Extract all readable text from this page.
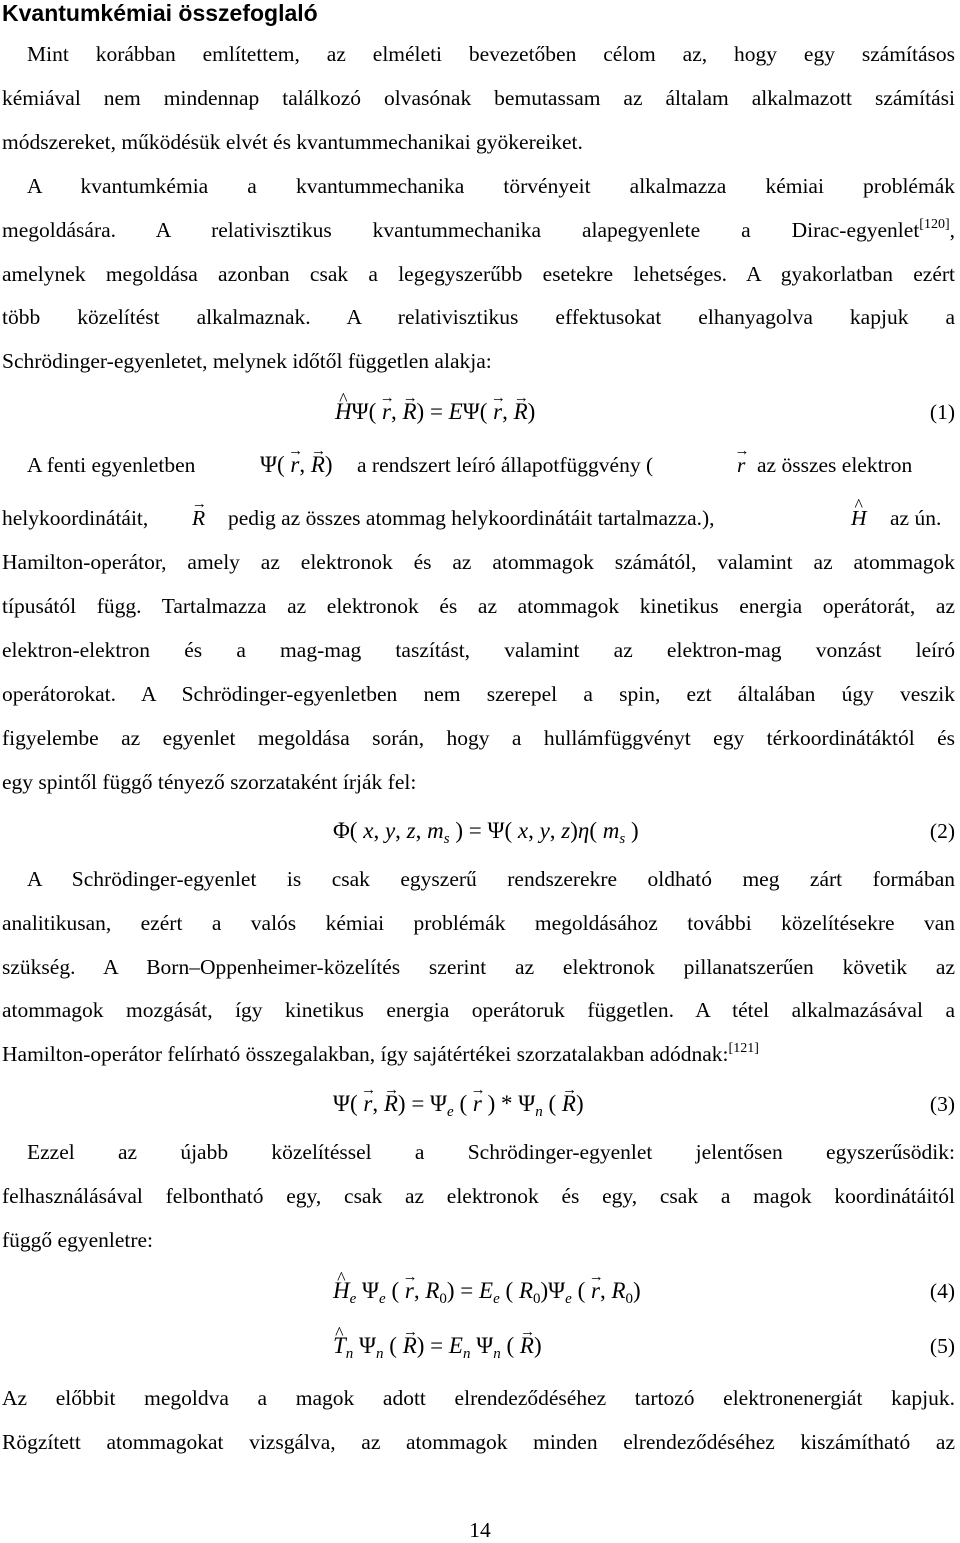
Kvantumkémiai összefoglaló
Mint korábban említettem, az elméleti bevezetőben célom az, hogy egy számításos
kémiával nem mindennap találkozó olvasónak bemutassam az általam alkalmazott számítási
módszereket, működésük elvét és kvantummechanikai gyökereiket.
A kvantumkémia a kvantummechanika törvényeit alkalmazza kémiai problémák
megoldására. A relativisztikus kvantummechanika alapegyenlete a Dirac-egyenlet[120],
amelynek megoldása azonban csak a legegyszerűbb esetekre lehetséges. A gyakorlatban ezért
több közelítést alkalmaznak. A relativisztikus effektusokat elhanyagolva kapjuk a
Schrödinger-egyenletet, melynek időtől független alakja:
^ HΨ( → r, → R) = EΨ( → r, → R)	(1)
A fenti egyenletben	Ψ( → r, → R) a rendszert leíró állapotfüggvény (	→ r az összes elektron
helykoordinátáit, → R pedig az összes atommag helykoordinátáit tartalmazza.),	^ H az ún.
Hamilton-operátor, amely az elektronok és az atommagok számától, valamint az atommagok
típusától függ. Tartalmazza az elektronok és az atommagok kinetikus energia operátorát, az
elektron-elektron és a mag-mag taszítást, valamint az elektron-mag vonzást leíró
operátorokat. A Schrödinger-egyenletben nem szerepel a spin, ezt általában úgy veszik
figyelembe az egyenlet megoldása során, hogy a hullámfüggvényt egy térkoordinátáktól és
egy spintől függő tényező szorzataként írják fel:
Φ( x, y, z, $m_s$ ) = Ψ( x, y, z)η( $m_s$ )	(2)
A Schrödinger-egyenlet is csak egyszerű rendszerekre oldható meg zárt formában
analitikusan, ezért a valós kémiai problémák megoldásához további közelítésekre van
szükség. A Born–Oppenheimer-közelítés szerint az elektronok pillanatszerűen követik az
atommagok mozgását, így kinetikus energia operátoruk független. A tétel alkalmazásával a
Hamilton-operátor felírható összegalakban, így sajátértékei szorzatalakban adódnak:[121]
Ψ( → r, → $R) = \Psi_e$ ( → r ) * $\Psi_n$ ( → R)	(3)
Ezzel az újabb közelítéssel a Schrödinger-egyenlet jelentősen egyszerűsödik:
felhasználásával felbontható egy, csak az elektronok és egy, csak a magok koordinátáitól
függő egyenletre:
^ $H_e$ $\Psi_e$ ( → r, $R_0) = E_e$ ( $R_0)\Psi_e$ ( → r, $R_0$)	(4)
^ $T_n$ $\Psi_n$ ( → $R) = E_n$ $\Psi_n$ ( → R)	(5)
Az előbbit megoldva a magok adott elrendeződéséhez tartozó elektronenergiát kapjuk.
Rögzített atommagokat vizsgálva, az atommagok minden elrendeződéséhez kiszámítható az
14
